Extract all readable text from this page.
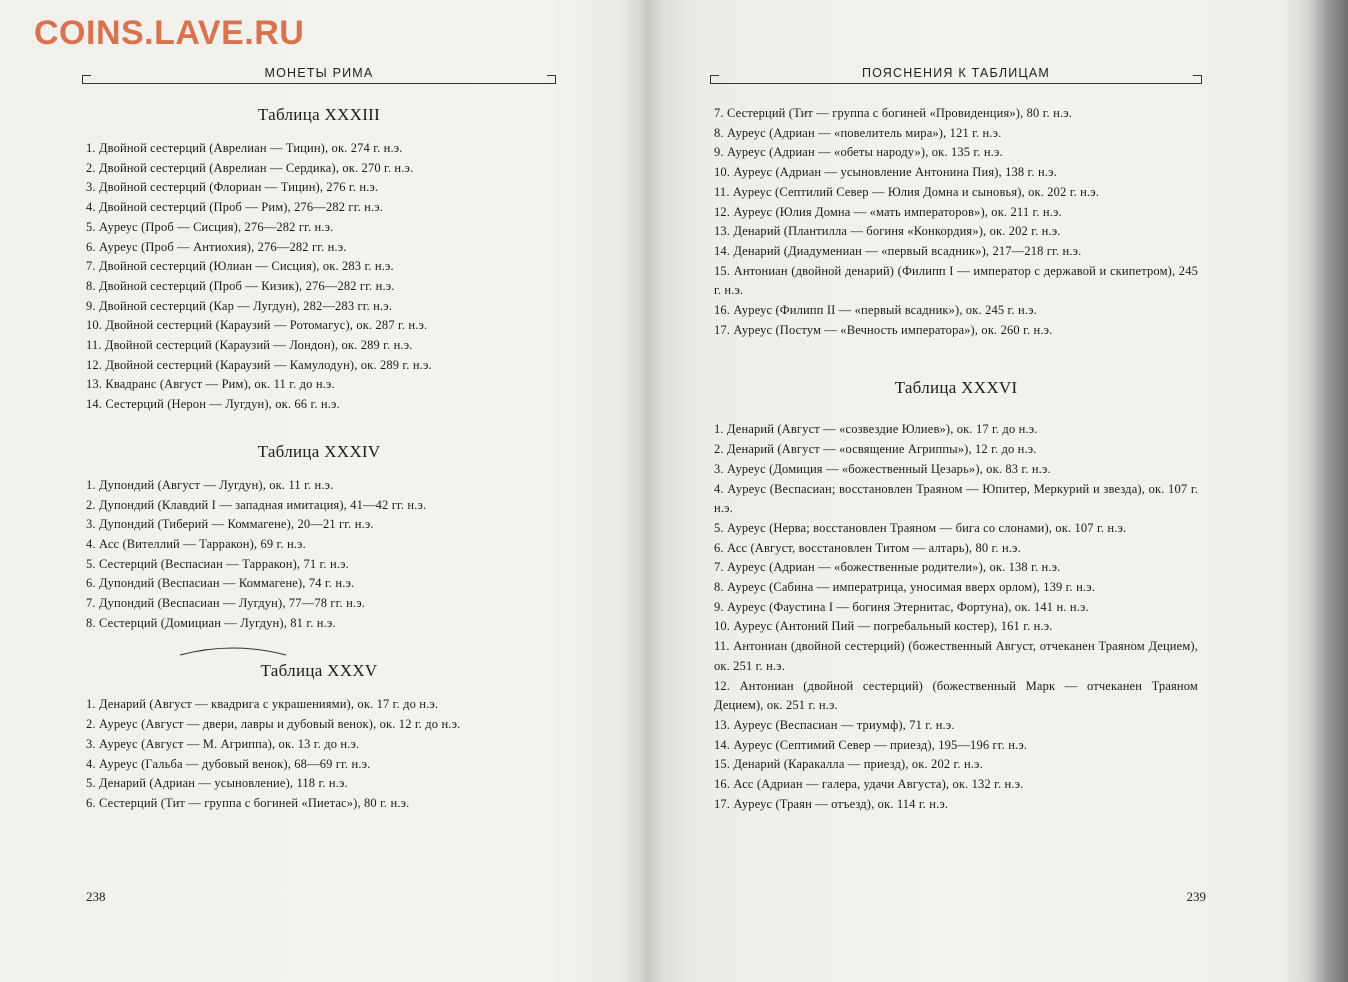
COINS.LAVE.RU
МОНЕТЫ РИМА
Таблица XXXIII
1. Двойной сестерций (Аврелиан — Тицин), ок. 274 г. н.э.
2. Двойной сестерций (Аврелиан — Сердика), ок. 270 г. н.э.
3. Двойной сестерций (Флориан — Тицин), 276 г. н.э.
4. Двойной сестерций (Проб — Рим), 276—282 гг. н.э.
5. Ауреус (Проб — Сисция), 276—282 гг. н.э.
6. Ауреус (Проб — Антиохия), 276—282 гг. н.э.
7. Двойной сестерций (Юлиан — Сисция), ок. 283 г. н.э.
8. Двойной сестерций (Проб — Кизик), 276—282 гг. н.э.
9. Двойной сестерций (Кар — Лугдун), 282—283 гг. н.э.
10. Двойной сестерций (Караузий — Ротомагус), ок. 287 г. н.э.
11. Двойной сестерций (Караузий — Лондон), ок. 289 г. н.э.
12. Двойной сестерций (Караузий — Камулодун), ок. 289 г. н.э.
13. Квадранс (Август — Рим), ок. 11 г. до н.э.
14. Сестерций (Нерон — Лугдун), ок. 66 г. н.э.
Таблица XXXIV
1. Дупондий (Август — Лугдун), ок. 11 г. н.э.
2. Дупондий (Клавдий I — западная имитация), 41—42 гг. н.э.
3. Дупондий (Тиберий — Коммагене), 20—21 гг. н.э.
4. Асс (Вителлий — Тарракон), 69 г. н.э.
5. Сестерций (Веспасиан — Тарракон), 71 г. н.э.
6. Дупондий (Веспасиан — Коммагене), 74 г. н.э.
7. Дупондий (Веспасиан — Лугдун), 77—78 гг. н.э.
8. Сестерций (Домициан — Лугдун), 81 г. н.э.
Таблица XXXV
1. Денарий (Август — квадрига с украшениями), ок. 17 г. до н.э.
2. Ауреус (Август — двери, лавры и дубовый венок), ок. 12 г. до н.э.
3. Ауреус (Август — М. Агриппа), ок. 13 г. до н.э.
4. Ауреус (Гальба — дубовый венок), 68—69 гг. н.э.
5. Денарий (Адриан — усыновление), 118 г. н.э.
6. Сестерций (Тит — группа с богиней «Пиетас»), 80 г. н.э.
238
ПОЯСНЕНИЯ К ТАБЛИЦАМ
7. Сестерций (Тит — группа с богиней «Провиденция»), 80 г. н.э.
8. Ауреус (Адриан — «повелитель мира»), 121 г. н.э.
9. Ауреус (Адриан — «обеты народу»), ок. 135 г. н.э.
10. Ауреус (Адриан — усыновление Антонина Пия), 138 г. н.э.
11. Ауреус (Септилий Север — Юлия Домна и сыновья), ок. 202 г. н.э.
12. Ауреус (Юлия Домна — «мать императоров»), ок. 211 г. н.э.
13. Денарий (Плантилла — богиня «Конкордия»), ок. 202 г. н.э.
14. Денарий (Диадумениан — «первый всадник»), 217—218 гг. н.э.
15. Антониан (двойной денарий) (Филипп I — император с державой и скипетром), 245 г. н.э.
16. Ауреус (Филипп II — «первый всадник»), ок. 245 г. н.э.
17. Ауреус (Постум — «Вечность императора»), ок. 260 г. н.э.
Таблица XXXVI
1. Денарий (Август — «созвездие Юлиев»), ок. 17 г. до н.э.
2. Денарий (Август — «освящение Агриппы»), 12 г. до н.э.
3. Ауреус (Домиция — «божественный Цезарь»), ок. 83 г. н.э.
4. Ауреус (Веспасиан; восстановлен Траяном — Юпитер, Меркурий и звезда), ок. 107 г. н.э.
5. Ауреус (Нерва; восстановлен Траяном — бига со слонами), ок. 107 г. н.э.
6. Асс (Август, восстановлен Титом — алтарь), 80 г. н.э.
7. Ауреус (Адриан — «божественные родители»), ок. 138 г. н.э.
8. Ауреус (Сабина — императрица, уносимая вверх орлом), 139 г. н.э.
9. Ауреус (Фаустина I — богиня Этернитас, Фортуна), ок. 141 н. н.э.
10. Ауреус (Антоний Пий — погребальный костер), 161 г. н.э.
11. Антониан (двойной сестерций) (божественный Август, отчеканен Траяном Децием), ок. 251 г. н.э.
12. Антониан (двойной сестерций) (божественный Марк — отчеканен Траяном Децием), ок. 251 г. н.э.
13. Ауреус (Веспасиан — триумф), 71 г. н.э.
14. Ауреус (Септимий Север — приезд), 195—196 гг. н.э.
15. Денарий (Каракалла — приезд), ок. 202 г. н.э.
16. Асс (Адриан — галера, удачи Августа), ок. 132 г. н.э.
17. Ауреус (Траян — отъезд), ок. 114 г. н.э.
239
